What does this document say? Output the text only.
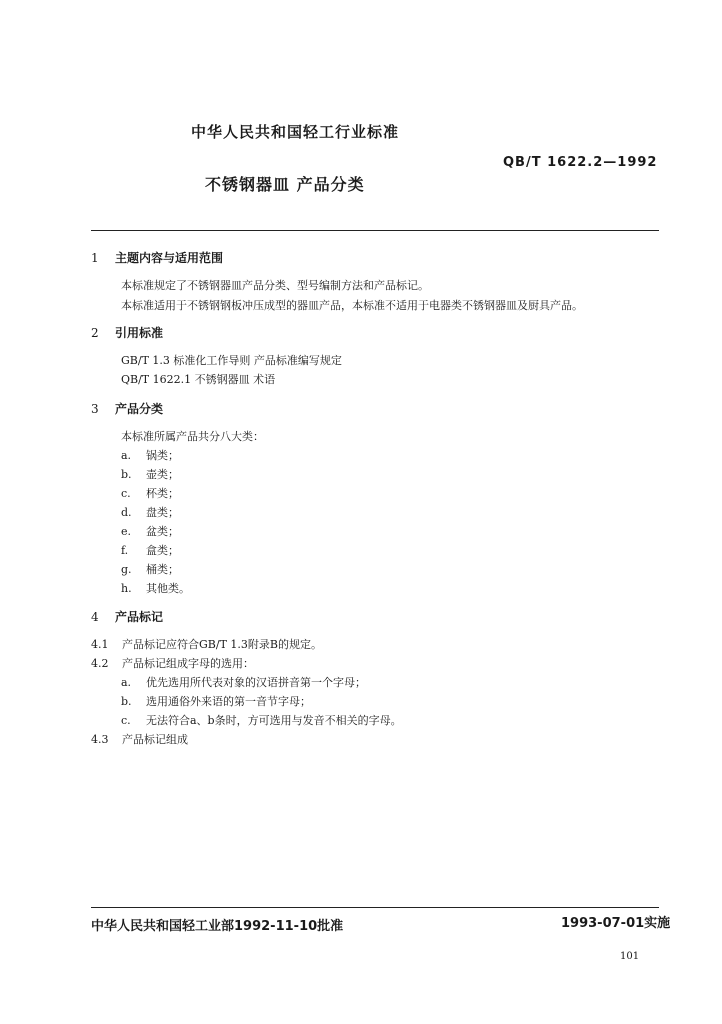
中华人民共和国轻工行业标准
QB/T 1622.2—1992
不锈钢器皿 产品分类
1 主题内容与适用范围
本标准规定了不锈钢器皿产品分类、型号编制方法和产品标记。
本标准适用于不锈钢钢板冲压成型的器皿产品，本标准不适用于电器类不锈钢器皿及厨具产品。
2 引用标准
GB/T 1.3 标准化工作导则 产品标准编写规定
QB/T 1622.1 不锈钢器皿 术语
3 产品分类
本标准所属产品共分八大类：
a. 锅类；
b. 壶类；
c. 杯类；
d. 盘类；
e. 盆类；
f. 盒类；
g. 桶类；
h. 其他类。
4 产品标记
4.1 产品标记应符合GB/T 1.3附录B的规定。
4.2 产品标记组成字母的选用：
a. 优先选用所代表对象的汉语拼音第一个字母；
b. 选用通俗外来语的第一音节字母；
c. 无法符合a、b条时，方可选用与发音不相关的字母。
4.3 产品标记组成
中华人民共和国轻工业部1992-11-10批准	1993-07-01实施
101
